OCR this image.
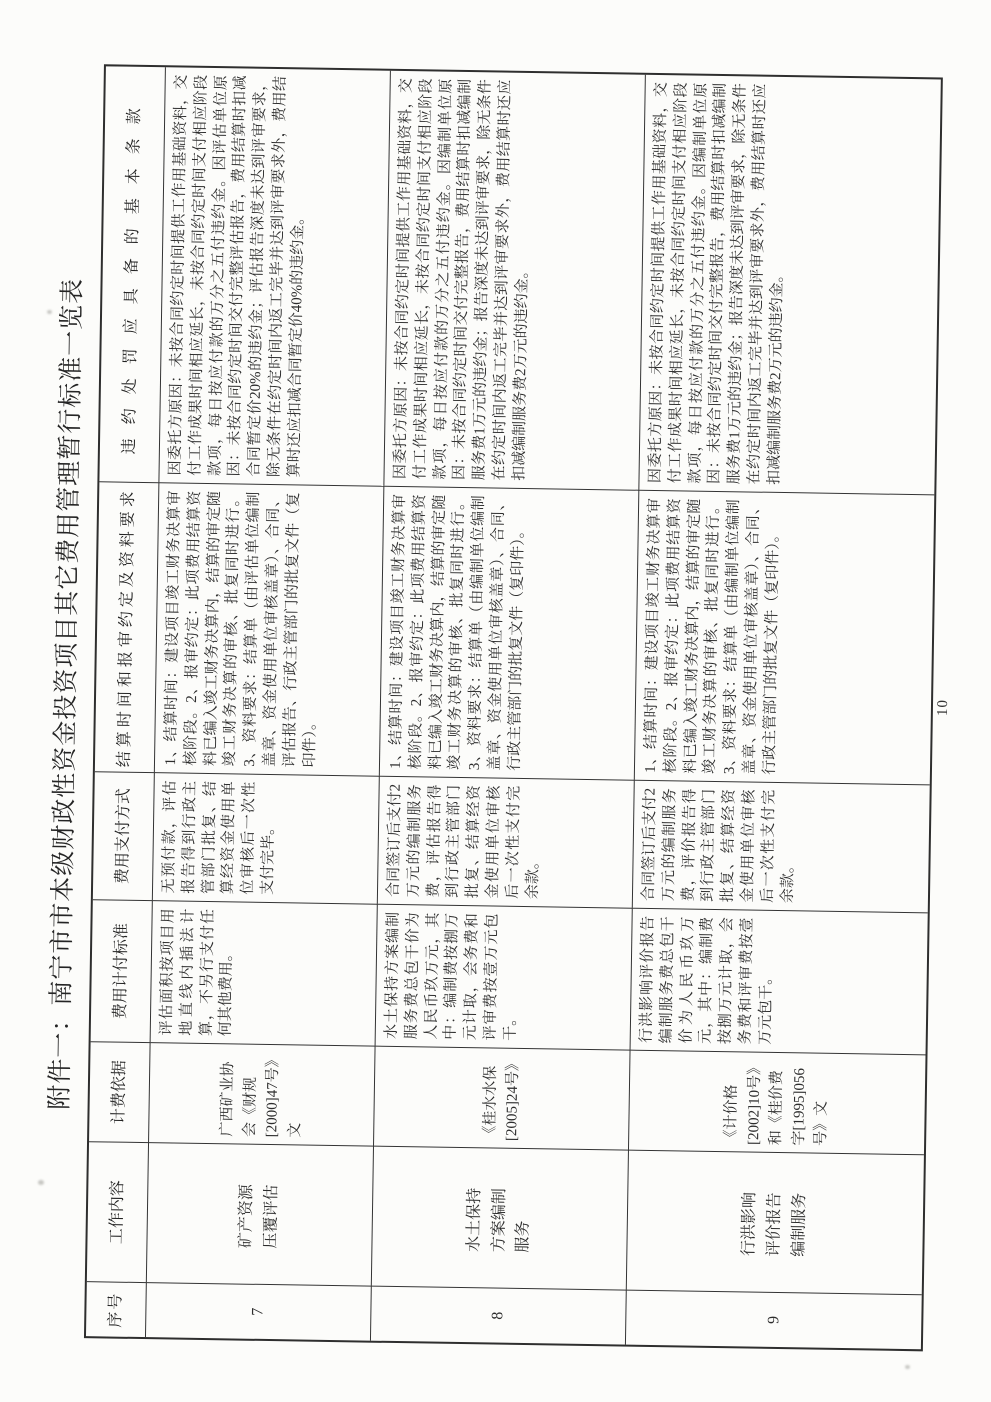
附件一：南宁市市本级财政性资金投资项目其它费用管理暂行标准一览表
序号
工作内容
计费依据
费用计付标准
费用支付方式
结算时间和报审约定及资料要求
违约处罚应具备的基本条款
7
矿产资源压覆评估
广西矿业协会《财规[2000]47号》文
评估面积按项目用地直线内插法计算，不另行支付任何其他费用。
无预付款，评估报告得到行政主管部门批复、结算经资金使用单位审核后一次性支付完毕。
1、结算时间：建设项目竣工财务决算审核阶段。2、报审约定：此项费用结算资料已编入竣工财务决算内，结算的审定随竣工财务决算的审核、批复同时进行。3、资料要求：结算单（由评估单位编制盖章、资金使用单位审核盖章）、合同、评估报告、行政主管部门的批复文件（复印件）。
因委托方原因：未按合同约定时间提供工作用基础资料，交付工作成果时间相应延长，未按合同约定时间支付相应阶段款项，每日按应付款的万分之五付违约金。因评估单位原因：未按合同约定时间交付完整评估报告，费用结算时扣减合同暂定价20%的违约金；评估报告深度未达到评审要求，除无条件在约定时间内返工完毕并达到评审要求外，费用结算时还应扣减合同暂定价40%的违约金。
8
水土保持方案编制服务
《桂水水保[2005]24号》
水土保持方案编制服务费总包干价为人民币玖万元，其中：编制费按捌万元计取，会务费和评审费按壹万元包干。
合同签订后支付2万元的编制服务费，评估报告得到行政主管部门批复、结算经资金使用单位审核后一次性支付完余款。
1、结算时间：建设项目竣工财务决算审核阶段。2、报审约定：此项费用结算资料已编入竣工财务决算内，结算的审定随竣工财务决算的审核、批复同时进行。3、资料要求：结算单（由编制单位编制盖章、资金使用单位审核盖章）、合同、行政主管部门的批复文件（复印件）。
因委托方原因：未按合同约定时间提供工作用基础资料，交付工作成果时间相应延长，未按合同约定时间支付相应阶段款项，每日按应付款的万分之五付违约金。因编制单位原因：未按合同约定时间交付完整报告，费用结算时扣减编制服务费1万元的违约金；报告深度未达到评审要求，除无条件在约定时间内返工完毕并达到评审要求外，费用结算时还应扣减编制服务费2万元的违约金。
9
行洪影响评价报告编制服务
《计价格[2002]10号》和《桂价费字[1995]056号》文
行洪影响评价报告编制服务费总包干价为人民币玖万元，其中：编制费按捌万元计取，会务费和评审费按壹万元包干。
合同签订后支付2万元的编制服务费，评价报告得到行政主管部门批复、结算经资金使用单位审核后一次性支付完余款。
1、结算时间：建设项目竣工财务决算审核阶段。2、报审约定：此项费用结算资料已编入竣工财务决算内，结算的审定随竣工财务决算的审核、批复同时进行。3、资料要求：结算单（由编制单位编制盖章、资金使用单位审核盖章）、合同、行政主管部门的批复文件（复印件）。
因委托方原因：未按合同约定时间提供工作用基础资料，交付工作成果时间相应延长，未按合同约定时间支付相应阶段款项，每日按应付款的万分之五付违约金。因编制单位原因：未按合同约定时间交付完整报告，费用结算时扣减编制服务费1万元的违约金；报告深度未达到评审要求，除无条件在约定时间内返工完毕并达到评审要求外，费用结算时还应扣减编制服务费2万元的违约金。
10
